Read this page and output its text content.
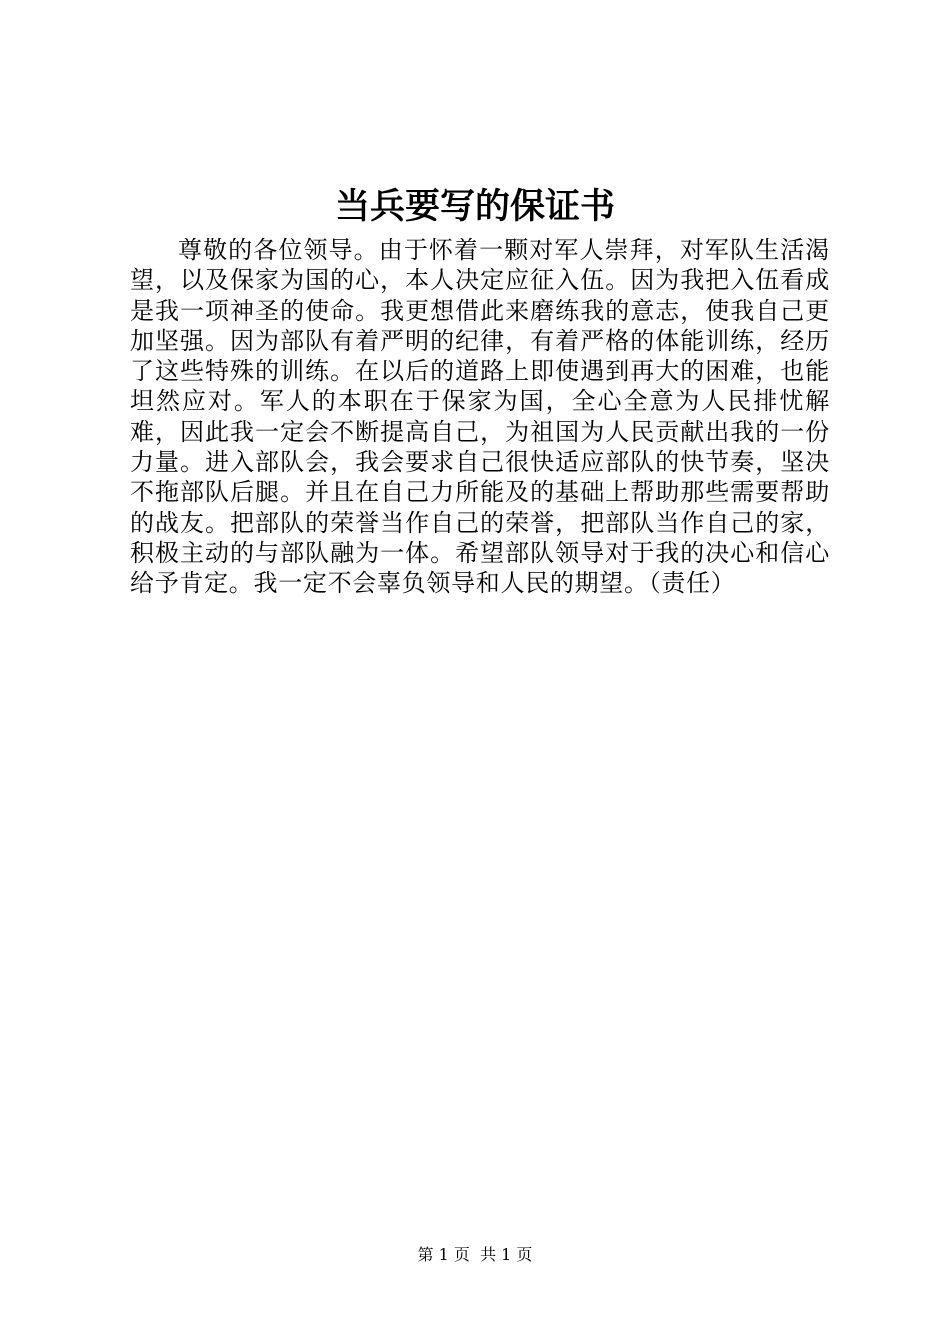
当兵要写的保证书

尊敬的各位领导。由于怀着一颗对军人崇拜，对军队生活渴望，以及保家为国的心，本人决定应征入伍。因为我把入伍看成是我一项神圣的使命。我更想借此来磨练我的意志，使我自己更加坚强。因为部队有着严明的纪律，有着严格的体能训练，经历了这些特殊的训练。在以后的道路上即使遇到再大的困难，也能坦然应对。军人的本职在于保家为国，全心全意为人民排忧解难，因此我一定会不断提高自己，为祖国为人民贡献出我的一份力量。进入部队会，我会要求自己很快适应部队的快节奏，坚决不拖部队后腿。并且在自己力所能及的基础上帮助那些需要帮助的战友。把部队的荣誉当作自己的荣誉，把部队当作自己的家，积极主动的与部队融为一体。希望部队领导对于我的决心和信心给予肯定。我一定不会辜负领导和人民的期望。（责任）

第 1 页 共 1 页
